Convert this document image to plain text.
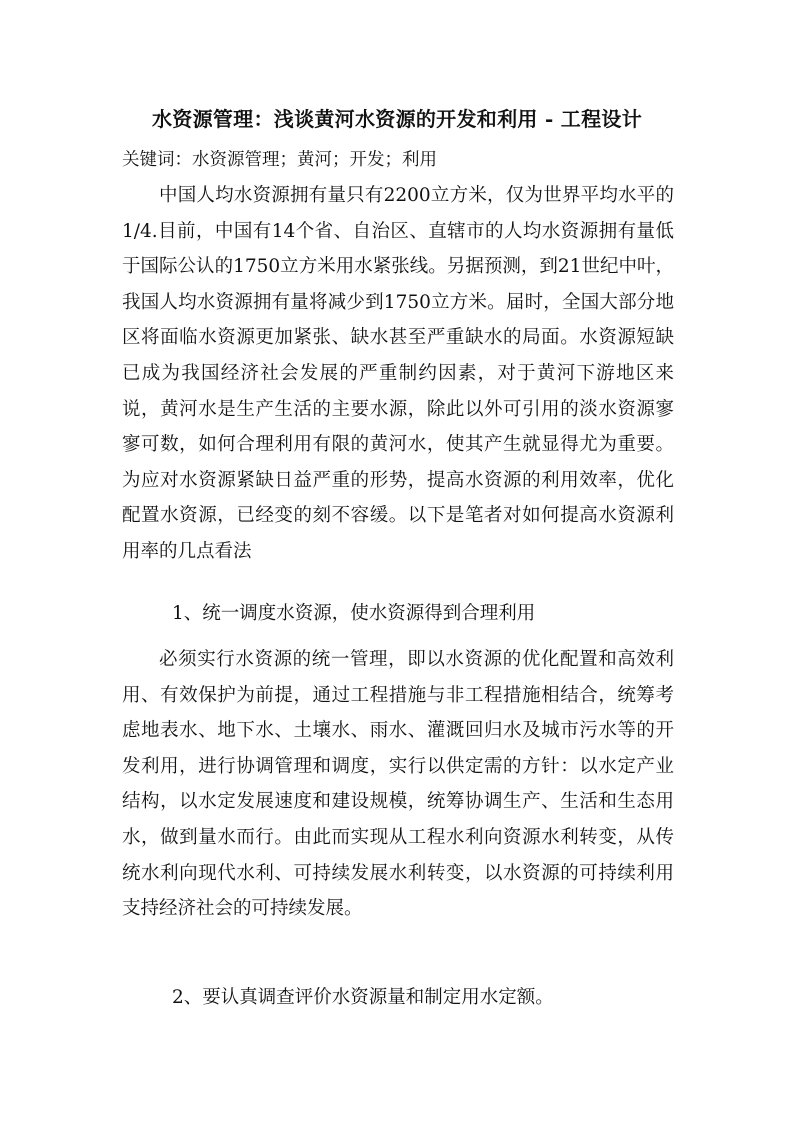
水资源管理：浅谈黄河水资源的开发和利用 - 工程设计
关键词：水资源管理；黄河；开发；利用

中国人均水资源拥有量只有2200立方米，仅为世界平均水平的1/4.目前，中国有14个省、自治区、直辖市的人均水资源拥有量低于国际公认的1750立方米用水紧张线。另据预测，到21世纪中叶，我国人均水资源拥有量将减少到1750立方米。届时，全国大部分地区将面临水资源更加紧张、缺水甚至严重缺水的局面。水资源短缺已成为我国经济社会发展的严重制约因素，对于黄河下游地区来说，黄河水是生产生活的主要水源，除此以外可引用的淡水资源寥寥可数，如何合理利用有限的黄河水，使其产生就显得尤为重要。为应对水资源紧缺日益严重的形势，提高水资源的利用效率，优化配置水资源，已经变的刻不容缓。以下是笔者对如何提高水资源利用率的几点看法

1、统一调度水资源，使水资源得到合理利用

必须实行水资源的统一管理，即以水资源的优化配置和高效利用、有效保护为前提，通过工程措施与非工程措施相结合，统筹考虑地表水、地下水、土壤水、雨水、灌溉回归水及城市污水等的开发利用，进行协调管理和调度，实行以供定需的方针：以水定产业结构，以水定发展速度和建设规模，统筹协调生产、生活和生态用水，做到量水而行。由此而实现从工程水利向资源水利转变，从传统水利向现代水利、可持续发展水利转变，以水资源的可持续利用支持经济社会的可持续发展。

2、要认真调查评价水资源量和制定用水定额。
